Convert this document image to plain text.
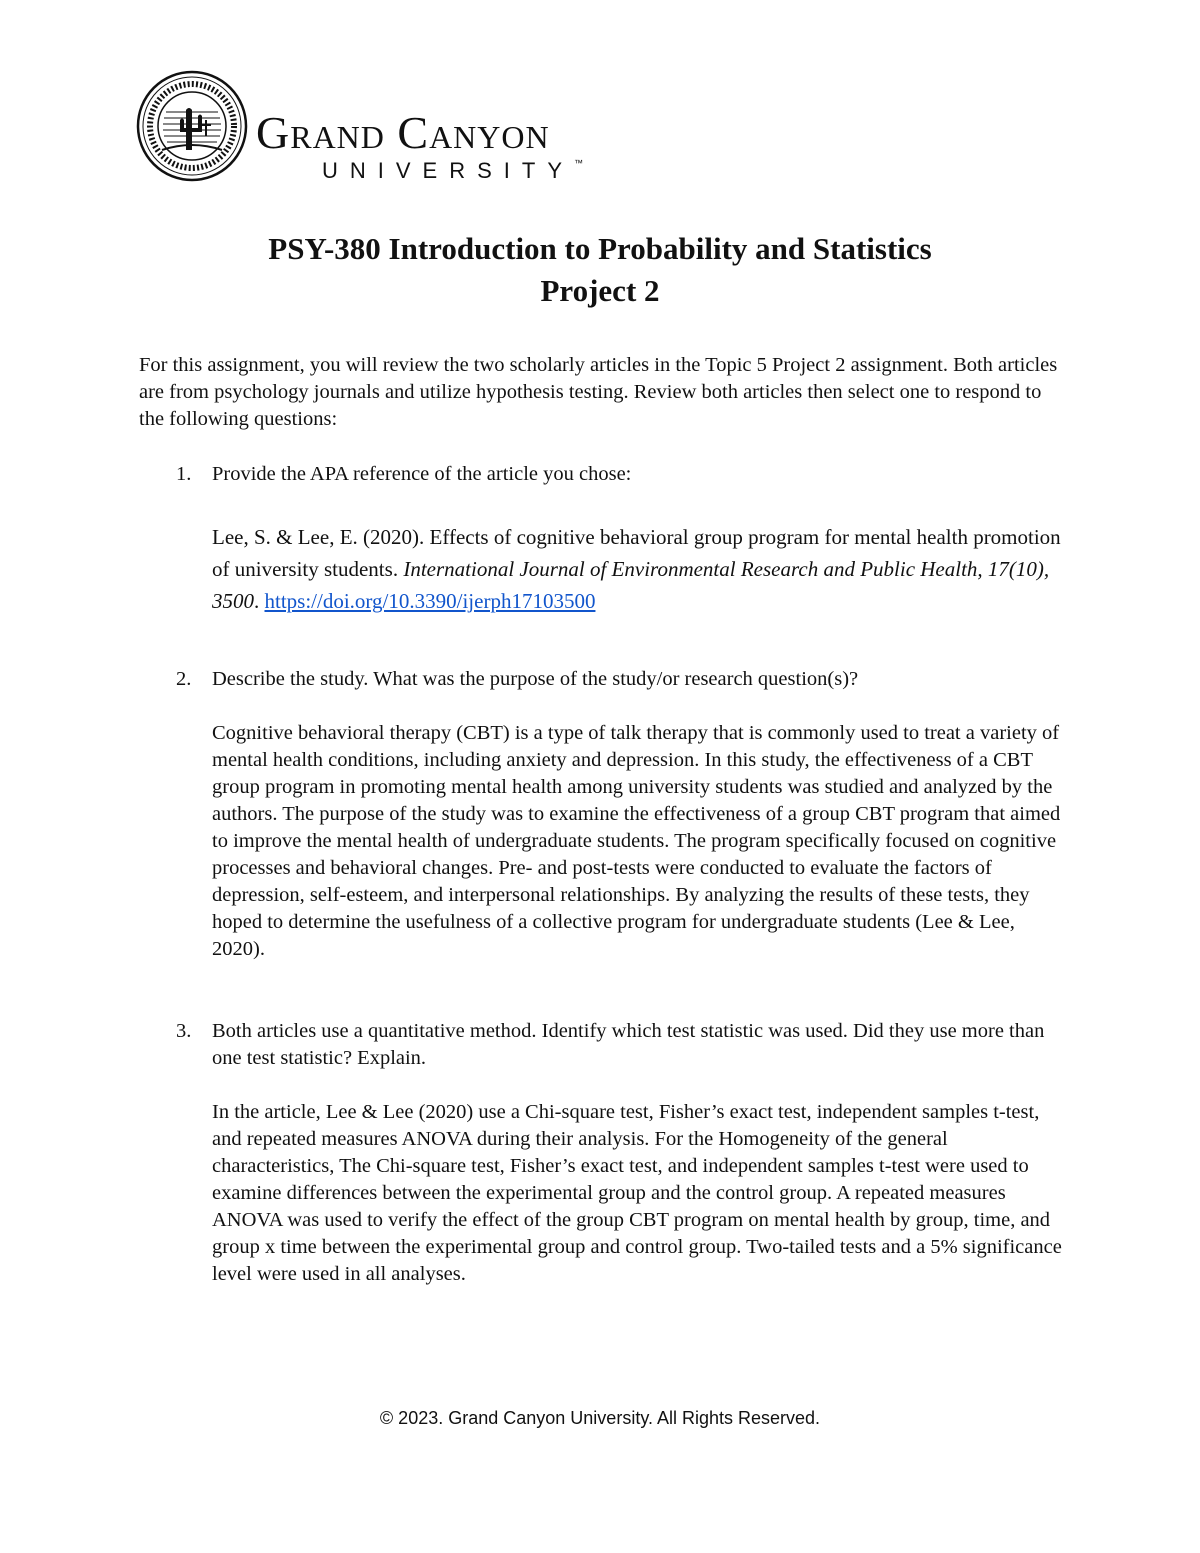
Grand Canyon
UNIVERSITY™
PSY-380 Introduction to Probability and Statistics
Project 2
For this assignment, you will review the two scholarly articles in the Topic 5 Project 2 assignment. Both articles are from psychology journals and utilize hypothesis testing. Review both articles then select one to respond to the following questions:
1. Provide the APA reference of the article you chose:
Lee, S. & Lee, E. (2020). Effects of cognitive behavioral group program for mental health promotion of university students. International Journal of Environmental Research and Public Health, 17(10), 3500. https://doi.org/10.3390/ijerph17103500
2. Describe the study. What was the purpose of the study/or research question(s)?
Cognitive behavioral therapy (CBT) is a type of talk therapy that is commonly used to treat a variety of mental health conditions, including anxiety and depression. In this study, the effectiveness of a CBT group program in promoting mental health among university students was studied and analyzed by the authors. The purpose of the study was to examine the effectiveness of a group CBT program that aimed to improve the mental health of undergraduate students. The program specifically focused on cognitive processes and behavioral changes. Pre- and post-tests were conducted to evaluate the factors of depression, self-esteem, and interpersonal relationships. By analyzing the results of these tests, they hoped to determine the usefulness of a collective program for undergraduate students (Lee & Lee, 2020).
3. Both articles use a quantitative method. Identify which test statistic was used. Did they use more than one test statistic? Explain.
In the article, Lee & Lee (2020) use a Chi-square test, Fisher’s exact test, independent samples t-test, and repeated measures ANOVA during their analysis. For the Homogeneity of the general characteristics, The Chi-square test, Fisher’s exact test, and independent samples t-test were used to examine differences between the experimental group and the control group. A repeated measures ANOVA was used to verify the effect of the group CBT program on mental health by group, time, and group x time between the experimental group and control group. Two-tailed tests and a 5% significance level were used in all analyses.
© 2023. Grand Canyon University. All Rights Reserved.
